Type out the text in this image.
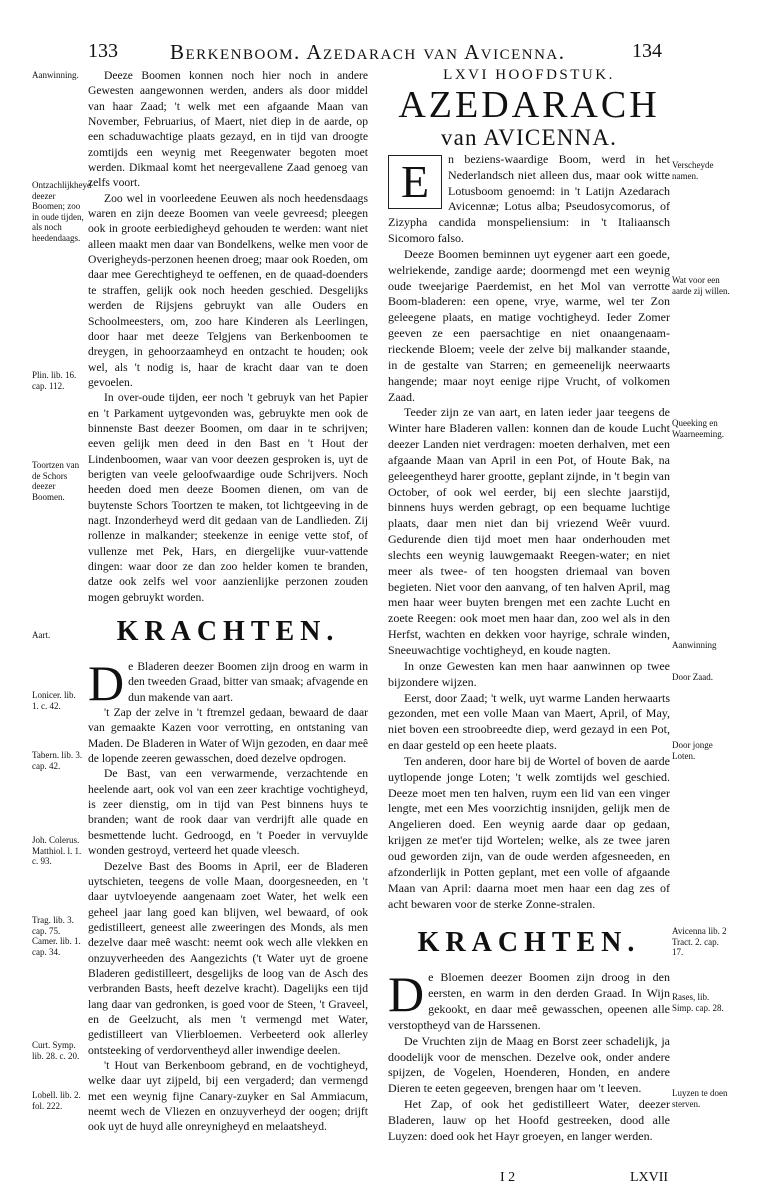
133 Berkenboom. Azedarach van Avicenna.	134

Deeze Boomen konnen noch hier noch in andere Gewesten aangewonnen werden, anders als door middel van haar Zaad; 't welk met een afgaande Maan van November, Februarius, of Maert, niet diep in de aarde, op een schaduwachtige plaats gezayd, en in tijd van droogte zomtijds een weynig met Reegenwater begoten moet werden. Dikmaal komt het neergevallene Zaad genoeg van zelfs voort.

Zoo wel in voorleedene Eeuwen als noch heedensdaags waren en zijn deeze Boomen van veele gevreesd; pleegen ook in groote eerbiedigheyd gehouden te werden: want niet alleen maakt men daar van Bondelkens, welke men voor de Overigheyds-perzonen heenen droeg; maar ook Roeden, om daar mee Gerechtigheyd te oeffenen, en de quaad-doenders te straffen, gelijk ook noch heeden geschied. Desgelijks werden de Rijsjens gebruykt van alle Ouders en Schoolmeesters, om, zoo hare Kinderen als Leerlingen, door haar met deeze Telgjens van Berkenboomen te dreygen, in gehoorzaamheyd en ontzacht te houden; ook wel, als 't nodig is, haar de kracht daar van te doen gevoelen.

In over-oude tijden, eer noch 't gebruyk van het Papier en 't Parkament uytgevonden was, gebruykte men ook de binnenste Bast deezer Boomen, om daar in te schrijven; eeven gelijk men deed in den Bast en 't Hout der Lindenboomen, waar van voor deezen gesproken is, uyt de berigten van veele geloofwaardige oude Schrijvers. Noch heeden doed men deeze Boomen dienen, om van de buytenste Schors Toortzen te maken, tot lichtgeeving in de nagt. Inzonderheyd werd dit gedaan van de Landlieden. Zij rollenze in malkander; steekenze in eenige vette stof, of vullenze met Pek, Hars, en diergelijke vuur-vattende dingen: waar door ze dan zoo helder komen te branden, datze ook zelfs wel voor aanzienlijke perzonen zouden mogen gebruykt worden.

KRACHTEN.

De Bladeren deezer Boomen zijn droog en warm in den tweeden Graad, bitter van smaak; afvagende en dun makende van aart.

't Zap der zelve in 't ftremzel gedaan, bewaard de daar van gemaakte Kazen voor verrotting, en ontstaning van Maden. De Bladeren in Water of Wijn gezoden, en daar meê de lopende zeeren gewasschen, doed dezelve opdrogen.

De Bast, van een verwarmende, verzachtende en heelende aart, ook vol van een zeer krachtige vochtigheyd, is zeer dienstig, om in tijd van Pest binnens huys te branden; want de rook daar van verdrijft alle quade en besmettende lucht. Gedroogd, en 't Poeder in vervuylde wonden gestroyd, verteerd het quade vleesch.

Dezelve Bast des Booms in April, eer de Bladeren uytschieten, teegens de volle Maan, doorgesneeden, en 't daar uytvloeyende aangenaam zoet Water, het welk een geheel jaar lang goed kan blijven, wel bewaard, of ook gedistilleert, geneest alle zweeringen des Monds, als men dezelve daar meê wascht: neemt ook wech alle vlekken en onzuyverheeden des Aangezichts ('t Water uyt de groene Bladeren gedistilleert, desgelijks de loog van de Asch des verbranden Basts, heeft dezelve kracht). Dagelijks een tijd lang daar van gedronken, is goed voor de Steen, 't Graveel, en de Geelzucht, als men 't vermengd met Water, gedistilleert van Vlierbloemen. Verbeeterd ook allerley ontsteeking of verdorventheyd aller inwendige deelen.

't Hout van Berkenboom gebrand, en de vochtigheyd, welke daar uyt zijpeld, bij een vergaderd; dan vermengd met een weynig fijne Canary-zuyker en Sal Ammiacum, neemt wech de Vliezen en onzuyverheyd der oogen; drijft ook uyt de huyd alle onreynigheyd en melaatsheyd.

Aanwinning.
Ontzachlijkheyd deezer Boomen; zoo in oude tijden, als noch heedendaags.
Plin. lib. 16. cap. 112.
Toortzen van de Schors deezer Boomen.
Aart.
Lonicer. lib. 1. c. 42.
Tabern. lib. 3. cap. 42.
Joh. Colerus. Matthiol. l. 1. c. 93.
Trag. lib. 3. cap. 75. Camer. lib. 1. cap. 34.
Curt. Symp. lib. 28. c. 20.
Lobell. lib. 2. fol. 222.
LXVI HOOFDSTUK.
AZEDARACH
van AVICENNA.

E	n beziens-waardige Boom, werd in het Nederlandsch niet alleen dus, maar ook witte Lotusboom genoemd: in 't Latijn Azedarach Avicennæ; Lotus alba; Pseudosycomorus, of Zizypha candida monspeliensium: in 't Italiaansch Sicomoro falso.

Deeze Boomen beminnen uyt eygener aart een goede, welriekende, zandige aarde; doormengd met een weynig oude tweejarige Paerdemist, en het Mol van verrotte Boom-bladeren: een opene, vrye, warme, wel ter Zon geleegene plaats, en matige vochtigheyd. Ieder Zomer geeven ze een paersachtige en niet onaangenaam-rieckende Bloem; veele der zelve bij malkander staande, in de gestalte van Starren; en gemeenelijk neerwaarts hangende; maar noyt eenige rijpe Vrucht, of volkomen Zaad.

Teeder zijn ze van aart, en laten ieder jaar teegens de Winter hare Bladeren vallen: konnen dan de koude Lucht deezer Landen niet verdragen: moeten derhalven, met een afgaande Maan van April in een Pot, of Houte Bak, na geleegentheyd harer grootte, geplant zijnde, in 't begin van October, of ook wel eerder, bij een slechte jaarstijd, binnens huys werden gebragt, op een bequame luchtige plaats, daar men niet dan bij vriezend Weêr vuurd. Gedurende dien tijd moet men haar onderhouden met slechts een weynig lauwgemaakt Reegen-water; en niet meer als twee- of ten hoogsten driemaal van boven begieten. Niet voor den aanvang, of ten halven April, mag men haar weer buyten brengen met een zachte Lucht en zoete Reegen: ook moet men haar dan, zoo wel als in den Herfst, wachten en dekken voor hayrige, schrale winden, Sneeuwachtige vochtigheyd, en koude nagten.

In onze Gewesten kan men haar aanwinnen op twee bijzondere wijzen.

Eerst, door Zaad; 't welk, uyt warme Landen herwaarts gezonden, met een volle Maan van Maert, April, of May, niet boven een stroobreedte diep, werd gezayd in een Pot, en daar gesteld op een heete plaats.

Ten anderen, door hare bij de Wortel of boven de aarde uytlopende jonge Loten; 't welk zomtijds wel geschied. Deeze moet men ten halven, ruym een lid van een vinger lengte, met een Mes voorzichtig insnijden, gelijk men de Angelieren doed. Een weynig aarde daar op gedaan, krijgen ze met'er tijd Wortelen; welke, als ze twee jaren oud geworden zijn, van de oude werden afgesneeden, en afzonderlijk in Potten geplant, met een volle of afgaande Maan van April: daarna moet men haar een dag zes of acht bewaren voor de sterke Zonne-stralen.

KRACHTEN.

De Bloemen deezer Boomen zijn droog in den eersten, en warm in den derden Graad. In Wijn gekookt, en daar meê gewasschen, opeenen alle verstoptheyd van de Harssenen.

De Vruchten zijn de Maag en Borst zeer schadelijk, ja doodelijk voor de menschen. Dezelve ook, onder andere spijzen, de Vogelen, Hoenderen, Honden, en andere Dieren te eeten gegeeven, brengen haar om 't leeven.

Het Zap, of ook het gedistilleert Water, deezer Bladeren, lauw op het Hoofd gestreeken, dood alle Luyzen: doed ook het Hayr groeyen, en langer werden.

Verscheyde namen.
Wat voor een aarde zij willen.
Queeking en Waarneeming.
Aanwinning
Door Zaad.
Door jonge Loten.
Avicenna lib. 2 Tract. 2. cap. 17.
Rases, lib. Simp. cap. 28.
Luyzen te doen sterven.
I 2	LXVII
